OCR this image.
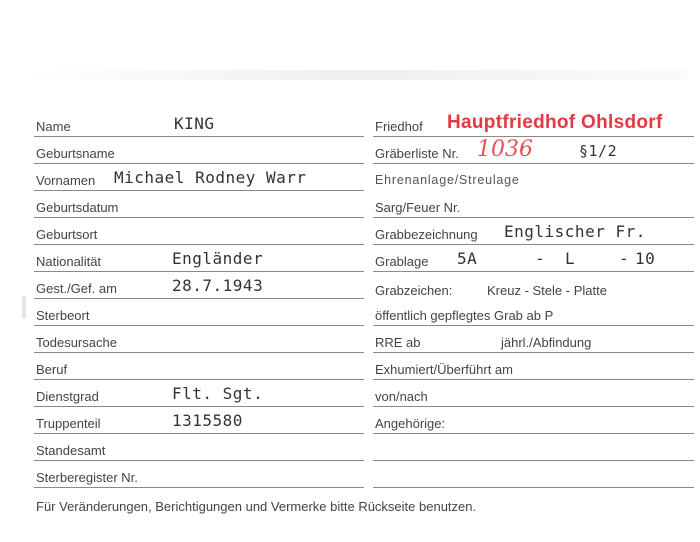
Name	KING
Geburtsname
Vornamen Michael Rodney Warr
Geburtsdatum
Geburtsort
Nationalität	Engländer
Gest./Gef. am	28.7.1943
Sterbeort
Todesursache
Beruf
Dienstgrad	Flt. Sgt.
Truppenteil	1315580
Standesamt
Sterberegister Nr.
Friedhof Hauptfriedhof Ohlsdorf
Gräberliste Nr. 1036	§1/2
Ehrenanlage/Streulage
Sarg/Feuer Nr.
Grabbezeichnung Englischer Fr.
Grablage 5A	- L	- 10
Grabzeichen:	Kreuz - Stele - Platte
öffentlich gepflegtes Grab ab P
RRE ab	jährl./Abfindung
Exhumiert/Überführt am
von/nach
Angehörige:
Für Veränderungen, Berichtigungen und Vermerke bitte Rückseite benutzen.
